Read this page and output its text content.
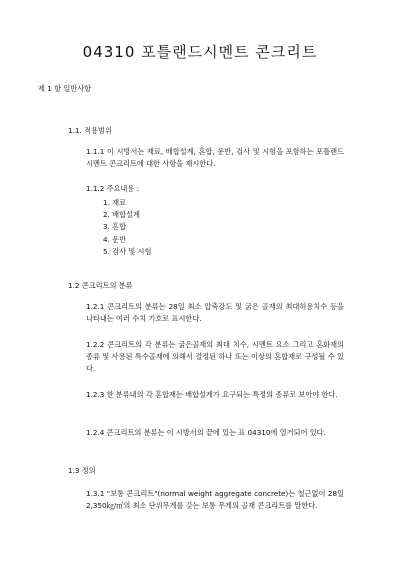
04310 포틀랜드시멘트 콘크리트
제 1 항 일반사항
1.1. 적용범위

1.1.1 이 시방서는 재료, 배합설계, 혼합, 운반, 검사 및 시험을 포함하는 포틀랜드 시멘트 콘크리트에 대한 사항을 제시한다.

1.1.2 주요내용 :
1. 재료
2. 배합설계
3. 혼합
4. 운반
5. 검사 및 시험
1.2 콘크리트의 분류

1.2.1 콘크리트의 분류는 28일 최소 압축강도 및 굵은 골재의 최대허용치수 등을 나타내는 여러 수치 기호로 표시한다.

1.2.2 콘크리트의 각 분류는 굵은골재의 최대 치수, 시멘트 요소 그리고 혼화재의 종류 및 사용된 특수골재에 의해서 결정된 하나 또는 이상의 혼합재로 구성될 수 있다.

1.2.3 한 분류내의 각 혼합재는 배합설계가 요구되는 특정의 종류로 보아야 한다.

1.2.4 콘크리트의 분류는 이 시방서의 끝에 있는 표 04310에 열거되어 있다.

1.3 정의

1.3.1 "보통 콘크리트"(normal weight aggregate concrete)는 철근없이 28일 2,350㎏/㎥의 최소 단위무게를 갖는 보통 무게의 골재 콘크리트를 말한다.
